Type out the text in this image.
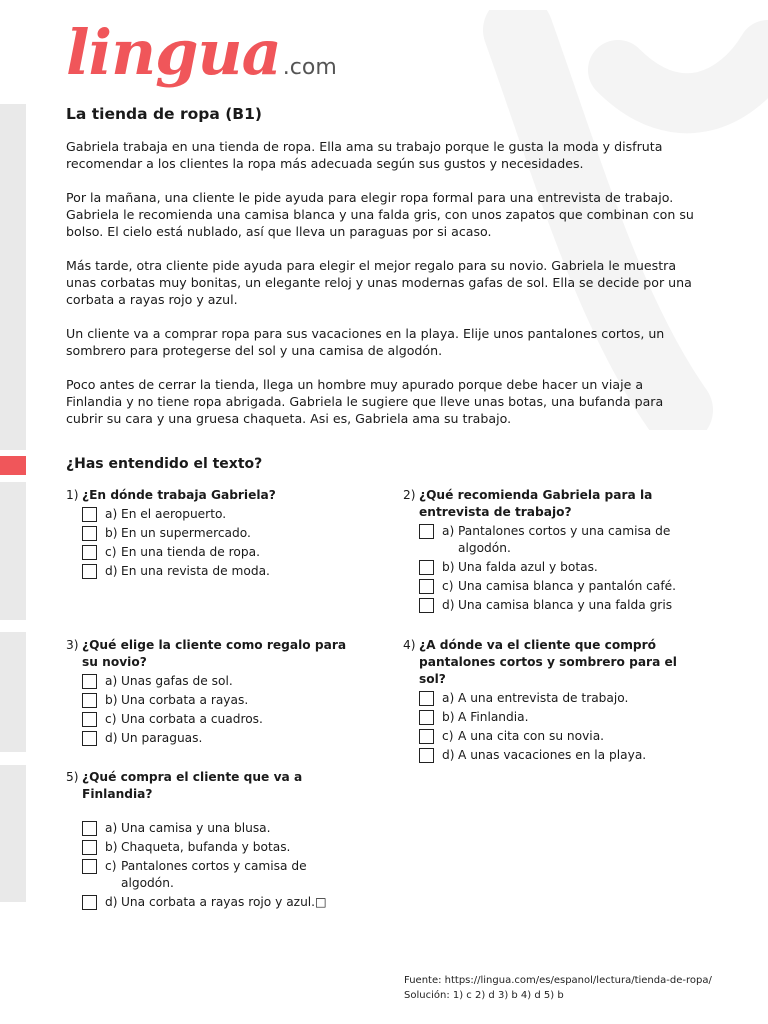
lingua.com
La tienda de ropa (B1)

Gabriela trabaja en una tienda de ropa. Ella ama su trabajo porque le gusta la moda y disfruta recomendar a los clientes la ropa más adecuada según sus gustos y necesidades.

Por la mañana, una cliente le pide ayuda para elegir ropa formal para una entrevista de trabajo. Gabriela le recomienda una camisa blanca y una falda gris, con unos zapatos que combinan con su bolso. El cielo está nublado, así que lleva un paraguas por si acaso.

Más tarde, otra cliente pide ayuda para elegir el mejor regalo para su novio. Gabriela le muestra unas corbatas muy bonitas, un elegante reloj y unas modernas gafas de sol. Ella se decide por una corbata a rayas rojo y azul.

Un cliente va a comprar ropa para sus vacaciones en la playa. Elije unos pantalones cortos, un sombrero para protegerse del sol y una camisa de algodón.

Poco antes de cerrar la tienda, llega un hombre muy apurado porque debe hacer un viaje a Finlandia y no tiene ropa abrigada. Gabriela le sugiere que lleve unas botas, una bufanda para cubrir su cara y una gruesa chaqueta. Asi es, Gabriela ama su trabajo.

¿Has entendido el texto?
1) ¿En dónde trabaja Gabriela?
a) En el aeropuerto.
b) En un supermercado.
c) En una tienda de ropa.
d) En una revista de moda.
2) ¿Qué recomienda Gabriela para la entrevista de trabajo?
a) Pantalones cortos y una camisa de algodón.
b) Una falda azul y botas.
c) Una camisa blanca y pantalón café.
d) Una camisa blanca y una falda gris
3) ¿Qué elige la cliente como regalo para su novio?
a) Unas gafas de sol.
b) Una corbata a rayas.
c) Una corbata a cuadros.
d) Un paraguas.
4) ¿A dónde va el cliente que compró pantalones cortos y sombrero para el sol?
a) A una entrevista de trabajo.
b) A Finlandia.
c) A una cita con su novia.
d) A unas vacaciones en la playa.
5) ¿Qué compra el cliente que va a Finlandia?
a) Una camisa y una blusa.
b) Chaqueta, bufanda y botas.
c) Pantalones cortos y camisa de algodón.
d) Una corbata a rayas rojo y azul.□
Fuente: https://lingua.com/es/espanol/lectura/tienda-de-ropa/
Solución: 1) c 2) d 3) b 4) d 5) b
